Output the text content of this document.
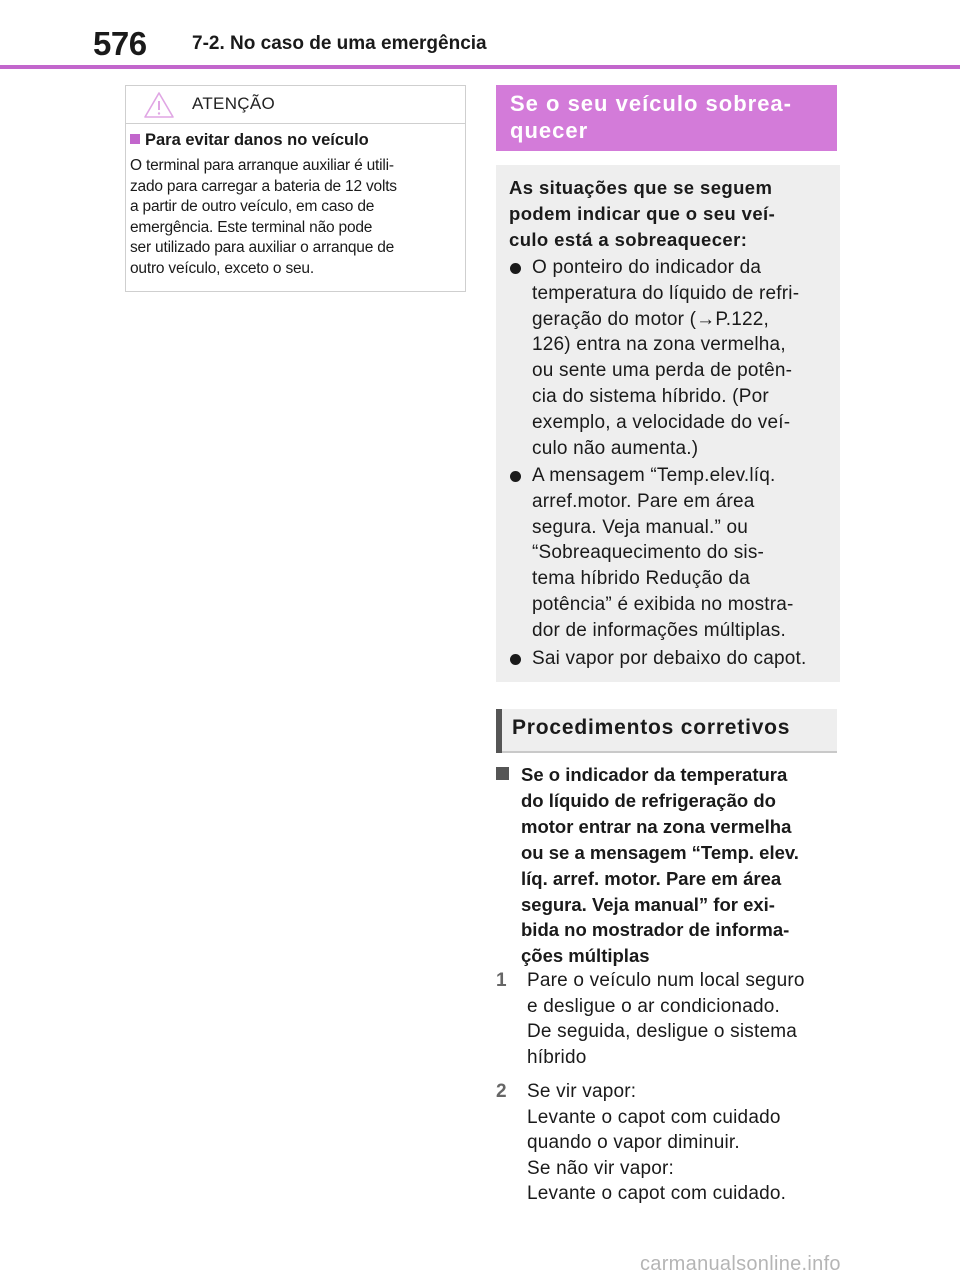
576 7-2. No caso de uma emergência
ATENÇÃO
Para evitar danos no veículo
O terminal para arranque auxiliar é utili-
zado para carregar a bateria de 12 volts
a partir de outro veículo, em caso de
emergência. Este terminal não pode
ser utilizado para auxiliar o arranque de
outro veículo, exceto o seu.
Se o seu veículo sobrea-
quecer
As situações que se seguem
podem indicar que o seu veí-
culo está a sobreaquecer:
O ponteiro do indicador da
temperatura do líquido de refri-
geração do motor (→P.122,
126) entra na zona vermelha,
ou sente uma perda de potên-
cia do sistema híbrido. (Por
exemplo, a velocidade do veí-
culo não aumenta.)
A mensagem “Temp.elev.líq.
arref.motor. Pare em área
segura. Veja manual.” ou
“Sobreaquecimento do sis-
tema híbrido Redução da
potência” é exibida no mostra-
dor de informações múltiplas.
Sai vapor por debaixo do capot.
Procedimentos corretivos
Se o indicador da temperatura
do líquido de refrigeração do
motor entrar na zona vermelha
ou se a mensagem “Temp. elev.
líq. arref. motor. Pare em área
segura. Veja manual” for exi-
bida no mostrador de informa-
ções múltiplas
1 Pare o veículo num local seguro
e desligue o ar condicionado.
De seguida, desligue o sistema
híbrido
2 Se vir vapor:
Levante o capot com cuidado
quando o vapor diminuir.
Se não vir vapor:
Levante o capot com cuidado.
carmanualsonline.info
